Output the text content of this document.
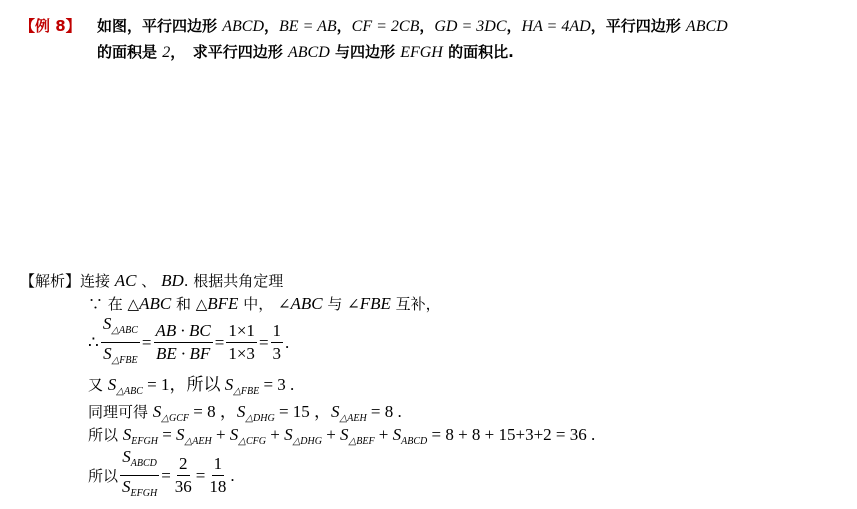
【例 8】 如图，平行四边形 ABCD，BE = AB，CF = 2CB，GD = 3DC，HA = 4AD，平行四边形 ABCD
的面积是 2，　求平行四边形 ABCD 与四边形 EFGH 的面积比.
【解析】连接 AC 、 BD. 根据共角定理
∵ 在 △ABC 和 △BFE 中， ∠ABC 与 ∠FBE 互补，
∴ $\frac{S_{\triangle ABC}}{S_{\triangle FBE}} = \frac{AB \cdot BC}{BE \cdot BF} = \frac{1\times 1}{1\times 3} = \frac{1}{3}$ .
又 $S_{\triangle ABC} = 1$，所以 $S_{\triangle FBE} = 3$ .
同理可得 $S_{\triangle GCF} = 8$ ，$S_{\triangle DHG} = 15$ ，$S_{\triangle AEH} = 8$ .
所以 $S_{EFGH} = S_{\triangle AEH} + S_{\triangle CFG} + S_{\triangle DHG} + S_{\triangle BEF} + S_{ABCD} = 8 + 8 + 15+3+2 = 36$ .
所以 $\frac{S_{ABCD}}{S_{EFGH}} = \frac{2}{36} = \frac{1}{18}$ .
